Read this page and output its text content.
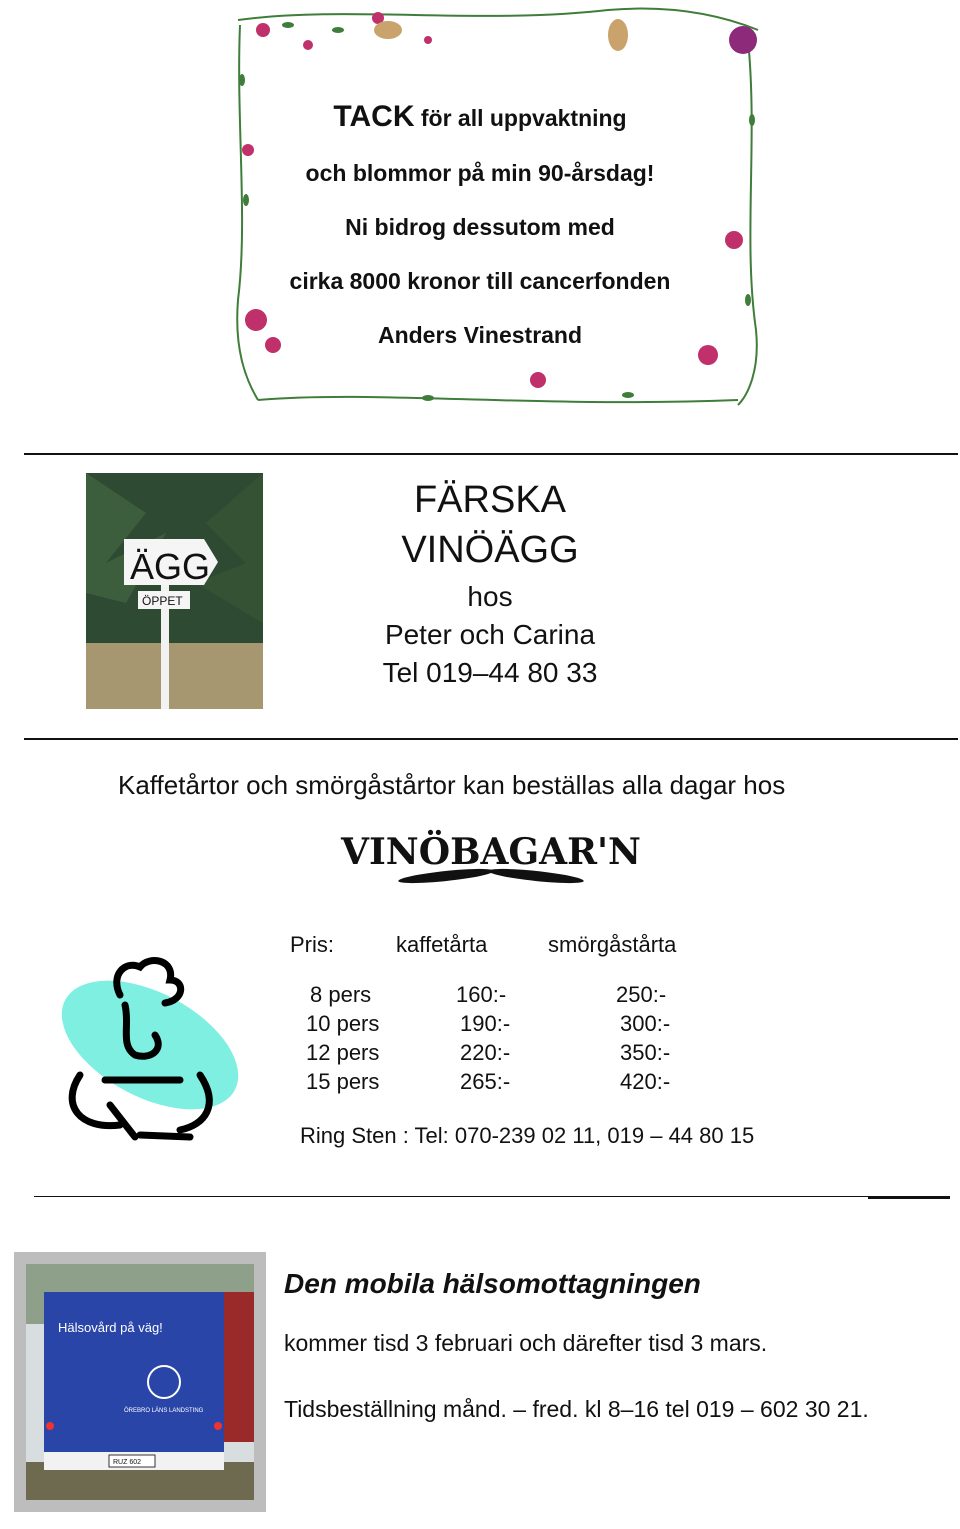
TACK för all uppvaktning
och blommor på min 90-årsdag!
Ni bidrog dessutom med
cirka 8000 kronor till cancerfonden
Anders Vinestrand
ÄGG
ÖPPET
FÄRSKA
VINÖÄGG
hos
Peter och Carina
Tel 019–44 80 33
Kaffetårtor och smörgåstårtor kan beställas alla dagar hos
VINÖBAGAR'N
Pris:	kaffetårta	smörgåstårta
8 pers	160:-	250:-
10 pers	190:-	300:-
12 pers	220:-	350:-
15 pers	265:-	420:-
Ring Sten : Tel: 070-239 02 11, 019 – 44 80 15
Hälsovård på väg!
ÖREBRO LÄNS LANDSTING
RUZ 602
Den mobila hälsomottagningen
kommer tisd 3 februari och därefter tisd 3 mars.
Tidsbeställning månd. – fred. kl 8–16 tel 019 – 602 30 21.
